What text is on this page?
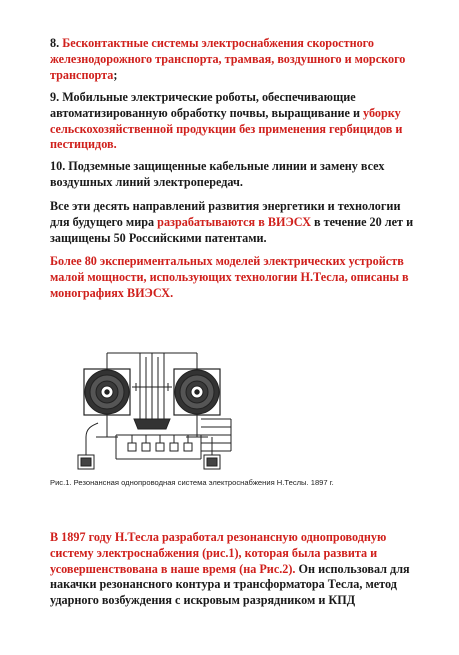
8. Бесконтактные системы электроснабжения скоростного железнодорожного транспорта, трамвая, воздушного и морского транспорта;

9. Мобильные электрические роботы, обеспечивающие автоматизированную обработку почвы, выращивание и уборку сельскохозяйственной продукции без применения гербицидов и пестицидов.

10. Подземные защищенные кабельные линии и замену всех воздушных линий электропередач.

Все эти десять направлений развития энергетики и технологии для будущего мира разрабатываются в ВИЭСХ в течение 20 лет и защищены 50 Российскими патентами.

Более 80 экспериментальных моделей электрических устройств малой мощности, использующих технологии Н.Тесла, описаны в монографиях ВИЭСХ.

Рис.1. Резонансная однопроводная система электроснабжения Н.Теслы. 1897 г.

В 1897 году Н.Тесла разработал резонансную однопроводную систему электроснабжения (рис.1), которая была развита и усовершенствована в наше время (на Рис.2). Он использовал для накачки резонансного контура и трансформатора Тесла, метод ударного возбуждения с искровым разрядником и КПД
